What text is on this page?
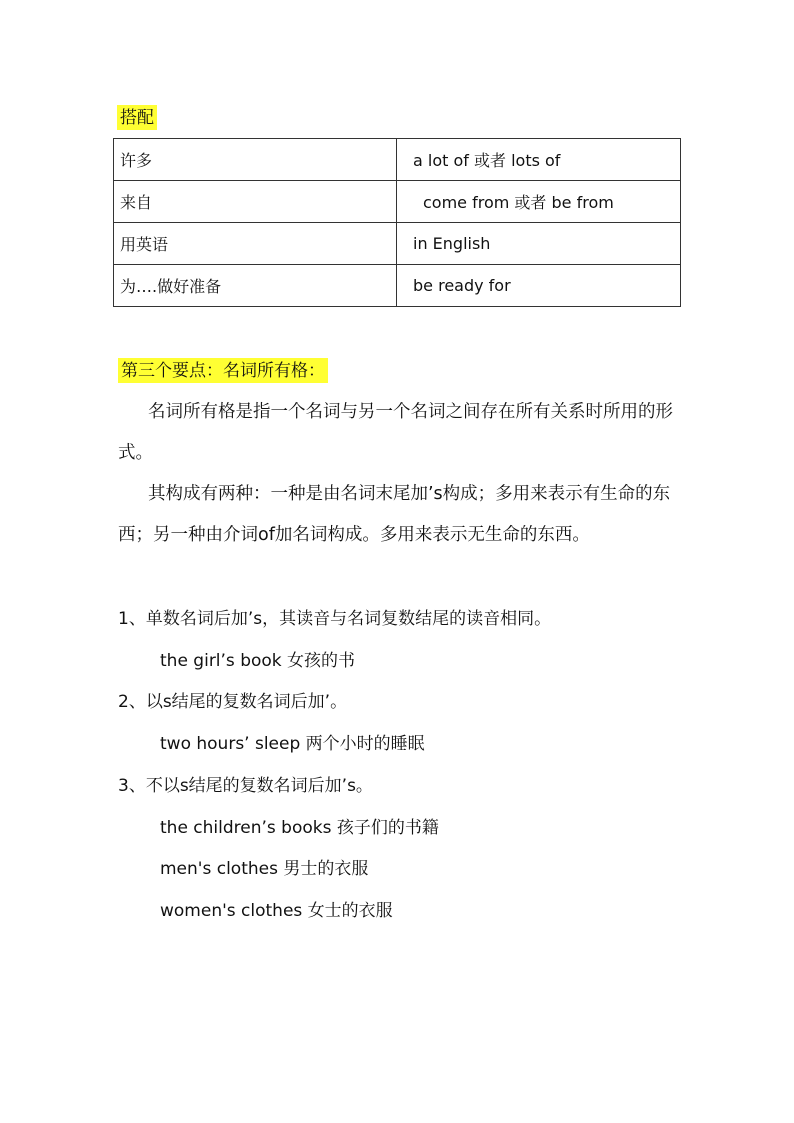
搭配
许多	a lot of 或者 lots of
来自	come from 或者 be from
用英语	in English
为….做好准备	be ready for
第三个要点：名词所有格：

名词所有格是指一个名词与另一个名词之间存在所有关系时所用的形式。

其构成有两种：一种是由名词末尾加’s构成；多用来表示有生命的东西；另一种由介词of加名词构成。多用来表示无生命的东西。

1、单数名词后加’s，其读音与名词复数结尾的读音相同。
the girl’s book 女孩的书
2、以s结尾的复数名词后加’。
two hours’ sleep 两个小时的睡眠
3、不以s结尾的复数名词后加’s。
the children’s books 孩子们的书籍
men's clothes 男士的衣服
women's clothes 女士的衣服
